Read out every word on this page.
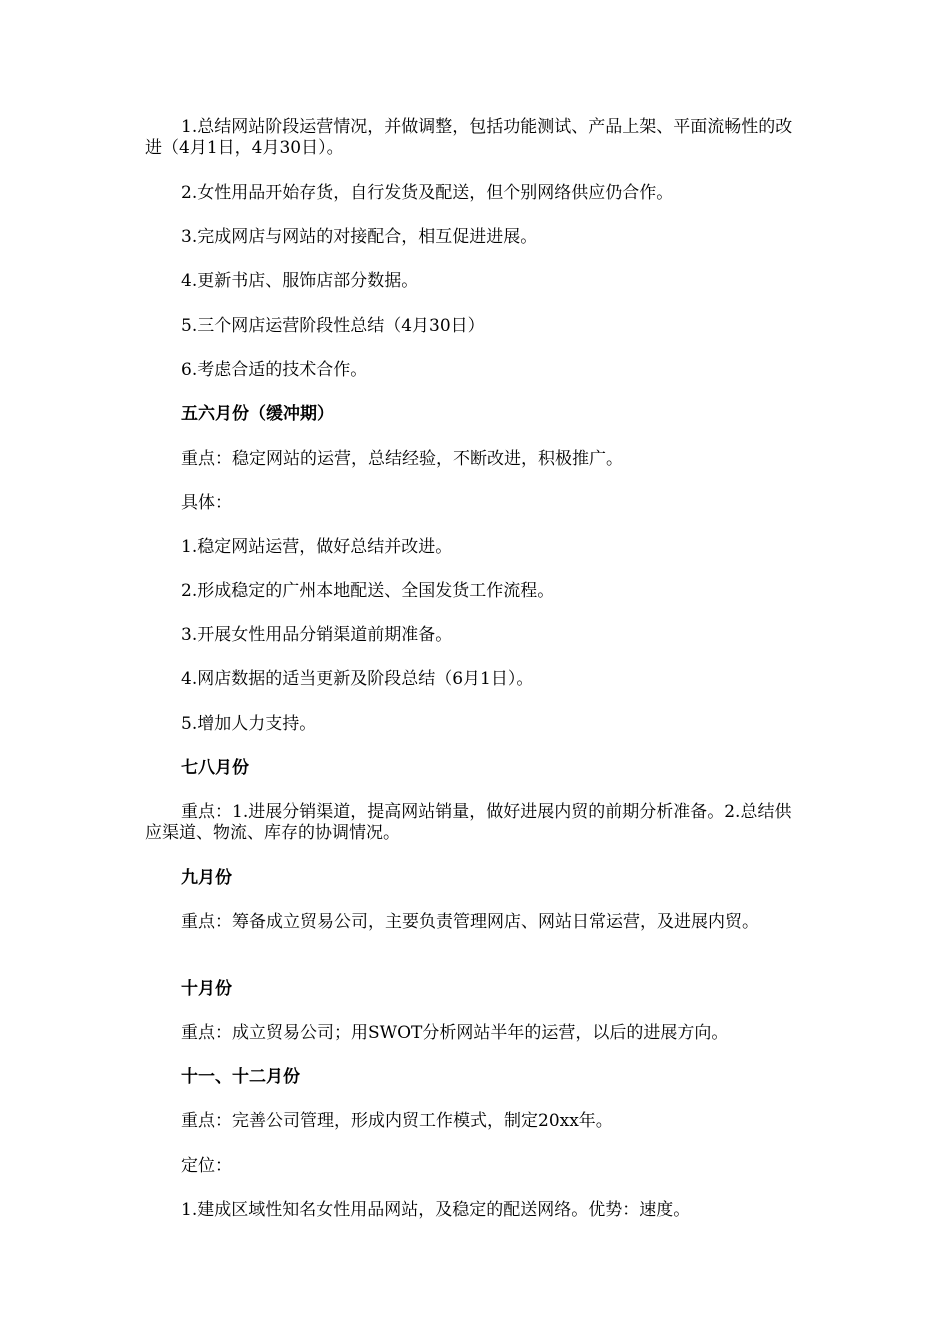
1.总结网站阶段运营情况，并做调整，包括功能测试、产品上架、平面流畅性的改进（4月1日，4月30日）。

2.女性用品开始存货，自行发货及配送，但个别网络供应仍合作。

3.完成网店与网站的对接配合，相互促进进展。

4.更新书店、服饰店部分数据。

5.三个网店运营阶段性总结（4月30日）

6.考虑合适的技术合作。

五六月份（缓冲期）

重点：稳定网站的运营，总结经验，不断改进，积极推广。

具体：

1.稳定网站运营，做好总结并改进。

2.形成稳定的广州本地配送、全国发货工作流程。

3.开展女性用品分销渠道前期准备。

4.网店数据的适当更新及阶段总结（6月1日）。

5.增加人力支持。

七八月份

重点：1.进展分销渠道，提高网站销量，做好进展内贸的前期分析准备。2.总结供应渠道、物流、库存的协调情况。

九月份

重点：筹备成立贸易公司，主要负责管理网店、网站日常运营，及进展内贸。

十月份

重点：成立贸易公司；用SWOT分析网站半年的运营，以后的进展方向。

十一、十二月份

重点：完善公司管理，形成内贸工作模式，制定20xx年。

定位：

1.建成区域性知名女性用品网站，及稳定的配送网络。优势：速度。
